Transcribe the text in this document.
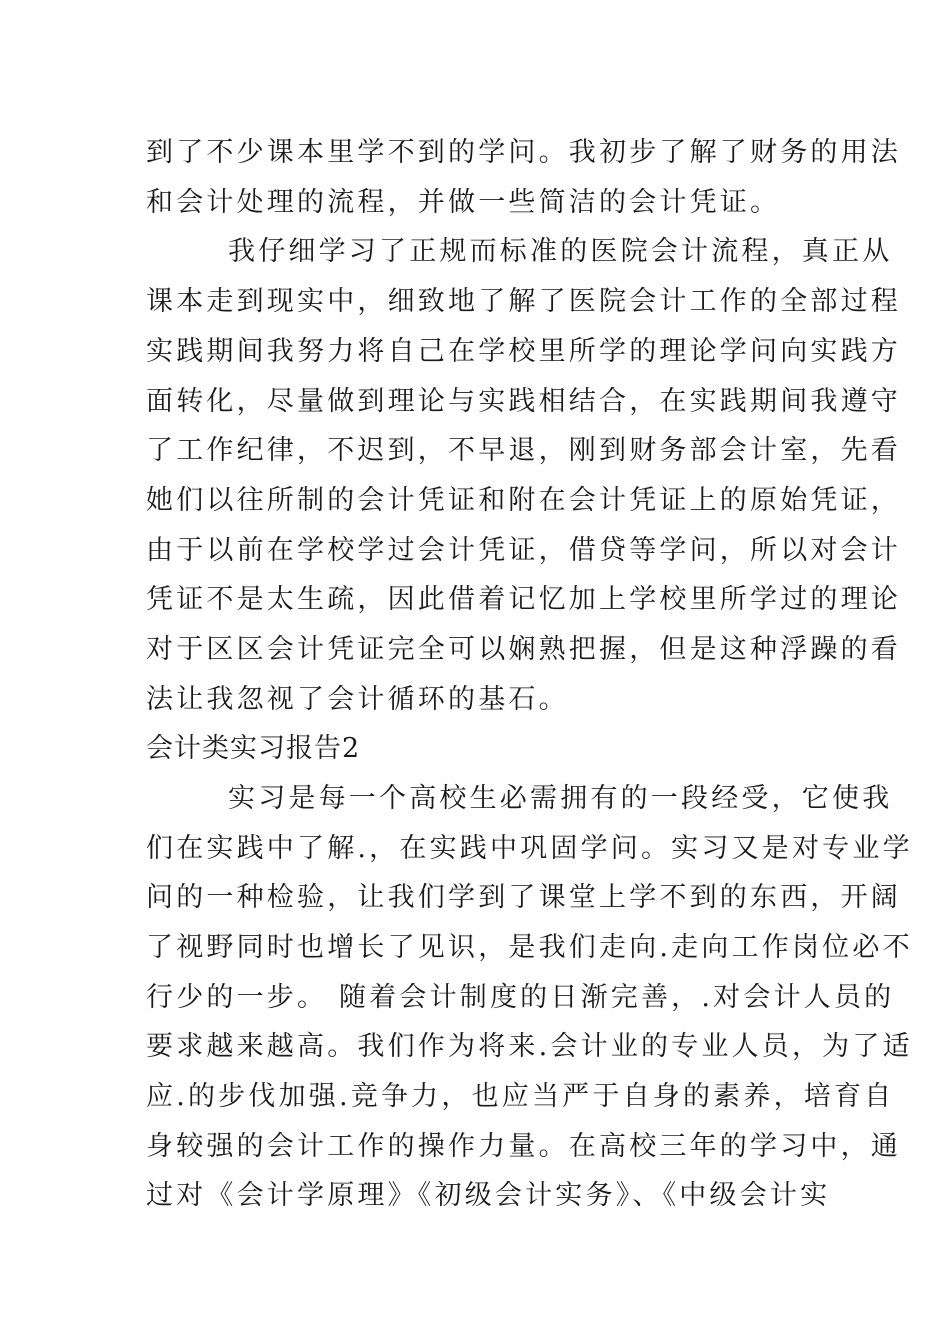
到了不少课本里学不到的学问。我初步了解了财务的用法
和会计处理的流程，并做一些简洁的会计凭证。
我仔细学习了正规而标准的医院会计流程，真正从
课本走到现实中，细致地了解了医院会计工作的全部过程
实践期间我努力将自己在学校里所学的理论学问向实践方
面转化，尽量做到理论与实践相结合，在实践期间我遵守
了工作纪律，不迟到，不早退，刚到财务部会计室，先看
她们以往所制的会计凭证和附在会计凭证上的原始凭证，
由于以前在学校学过会计凭证，借贷等学问，所以对会计
凭证不是太生疏，因此借着记忆加上学校里所学过的理论
对于区区会计凭证完全可以娴熟把握，但是这种浮躁的看
法让我忽视了会计循环的基石。
会计类实习报告2
实习是每一个高校生必需拥有的一段经受，它使我
们在实践中了解.，在实践中巩固学问。实习又是对专业学
问的一种检验，让我们学到了课堂上学不到的东西，开阔
了视野同时也增长了见识，是我们走向.走向工作岗位必不
行少的一步。 随着会计制度的日渐完善，.对会计人员的
要求越来越高。我们作为将来.会计业的专业人员，为了适
应.的步伐加强.竞争力，也应当严于自身的素养，培育自
身较强的会计工作的操作力量。在高校三年的学习中，通
过对《会计学原理》《初级会计实务》、《中级会计实
